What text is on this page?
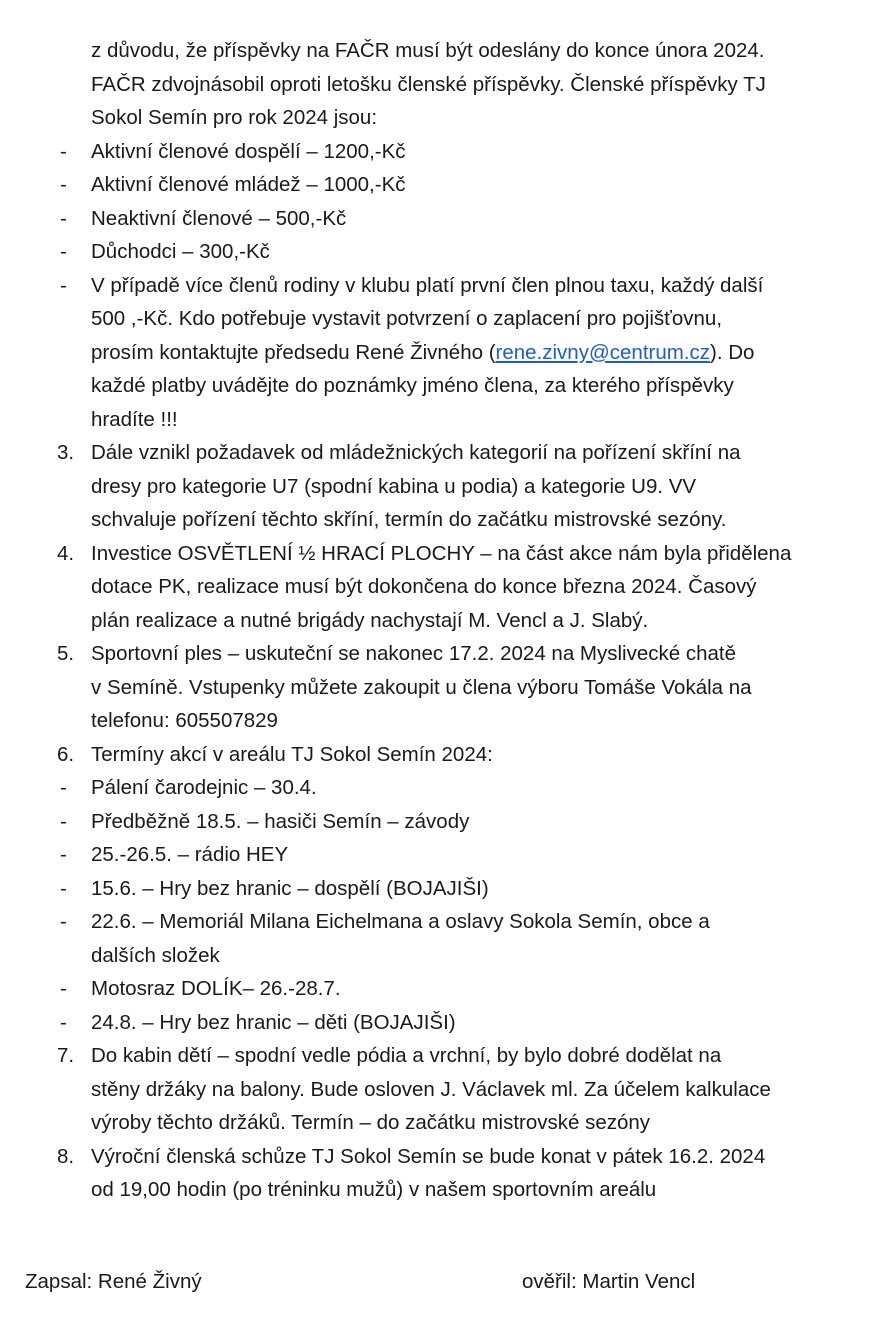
z důvodu, že příspěvky na FAČR musí být odeslány do konce února 2024.
FAČR zdvojnásobil oproti letošku členské příspěvky. Členské příspěvky TJ
Sokol Semín pro rok 2024 jsou:
-	Aktivní členové dospělí – 1200,-Kč
-	Aktivní členové mládež – 1000,-Kč
-	Neaktivní členové – 500,-Kč
-	Důchodci – 300,-Kč
-	V případě více členů rodiny v klubu platí první člen plnou taxu, každý další
500 ,-Kč. Kdo potřebuje vystavit potvrzení o zaplacení pro pojišťovnu,
prosím kontaktujte předsedu René Živného (rene.zivny@centrum.cz). Do
každé platby uvádějte do poznámky jméno člena, za kterého příspěvky
hradíte !!!
3. Dále vznikl požadavek od mládežnických kategorií na pořízení skříní na
dresy pro kategorie U7 (spodní kabina u podia) a kategorie U9. VV
schvaluje pořízení těchto skříní, termín do začátku mistrovské sezóny.
4. Investice OSVĚTLENÍ ½ HRACÍ PLOCHY – na část akce nám byla přidělena
dotace PK, realizace musí být dokončena do konce března 2024. Časový
plán realizace a nutné brigády nachystají M. Vencl a J. Slabý.
5. Sportovní ples – uskuteční se nakonec 17.2. 2024 na Myslivecké chatě
v Semíně. Vstupenky můžete zakoupit u člena výboru Tomáše Vokála na
telefonu: 605507829
6. Termíny akcí v areálu TJ Sokol Semín 2024:
-	Pálení čarodejnic – 30.4.
-	Předběžně 18.5. – hasiči Semín – závody
-	25.-26.5. – rádio HEY
-	15.6. – Hry bez hranic – dospělí (BOJAJIŠI)
-	22.6. – Memoriál Milana Eichelmana a oslavy Sokola Semín, obce a
dalších složek
-	Motosraz DOLÍK– 26.-28.7.
-	24.8. – Hry bez hranic – děti (BOJAJIŠI)
7. Do kabin dětí – spodní vedle pódia a vrchní, by bylo dobré dodělat na
stěny držáky na balony. Bude osloven J. Václavek ml. Za účelem kalkulace
výroby těchto držáků. Termín – do začátku mistrovské sezóny
8. Výroční členská schůze TJ Sokol Semín se bude konat v pátek 16.2. 2024
od 19,00 hodin (po tréninku mužů) v našem sportovním areálu
Zapsal: René Živný	ověřil: Martin Vencl
